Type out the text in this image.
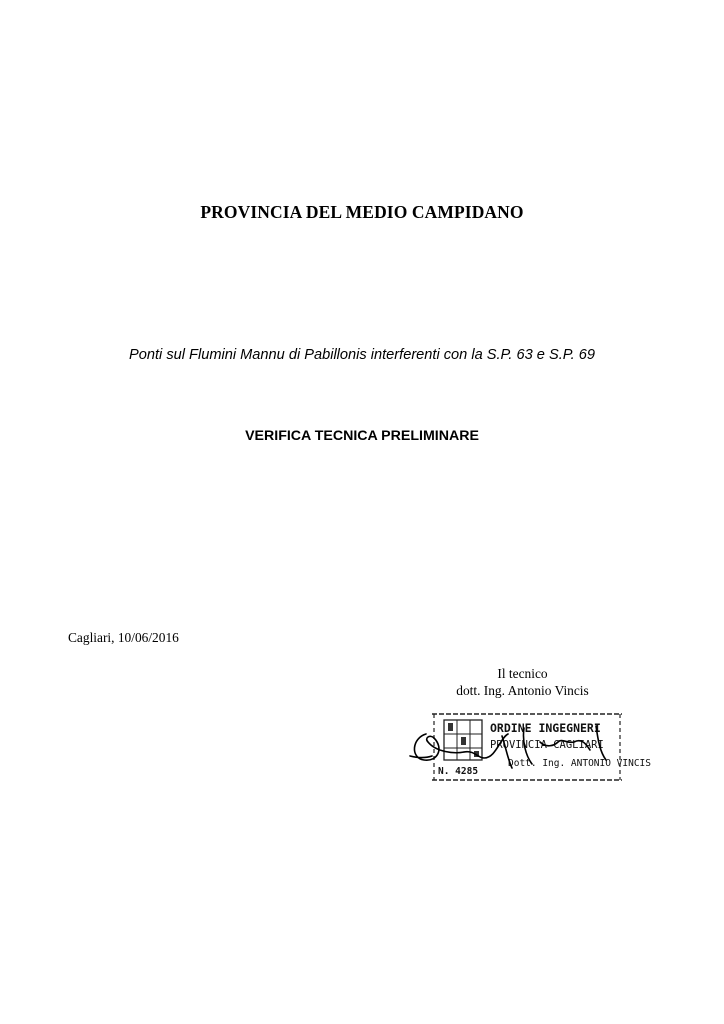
PROVINCIA DEL MEDIO CAMPIDANO
Ponti sul Flumini Mannu di Pabillonis interferenti con la S.P. 63 e S.P. 69
VERIFICA TECNICA PRELIMINARE
Cagliari, 10/06/2016
Il tecnico
dott. Ing. Antonio Vincis
ORDINE INGEGNERI
PROVINCIA CAGLIARI
Dott. Ing. ANTONIO VINCIS
N. 4285
